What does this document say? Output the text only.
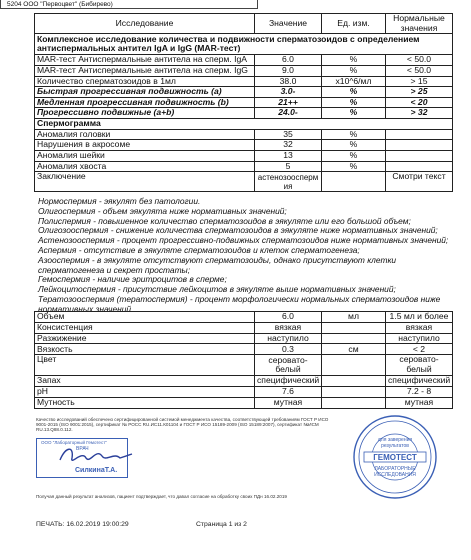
5204 ООО "Первоцвет" (Бибирево)
Исследование	Значение	Ед. изм.	Нормальные значения
Комплексное исследование количества и подвижности сперматозоидов с определением антиспермальных антител IgA и IgG (MAR-тест)			
MAR-тест Антиспермальные антитела на сперм. IgA	6.0	%	< 50.0
MAR-тест Антиспермальные антитела на сперм. IgG	9.0	%	< 50.0
Количество сперматозоидов в 1мл	38.0	x10^6/мл	> 15
Быстрая прогрессивная подвижность (а)	3.0-	%	> 25
Медленная прогрессивная подвижность (b)	21++	%	< 20
Прогрессивно подвижные (а+b)	24.0-	%	> 32
Спермограмма			
Аномалия головки	35	%	
Нарушения в акросоме	32	%	
Аномалия шейки	13	%	
Аномалия хвоста	5	%	
Заключение	астенозооспермия		Смотри текст
Нормоспермия - эякулят без патологии.
Олигоспермия - объем эякулята ниже нормативных значений;
Полиспермия - повышенное количество сперматозоидов в эякуляте или его большой объем;
Олигозооспермия - снижение количества сперматозоидов в эякуляте ниже нормативных значений;
Астенозооспермия - процент прогрессивно-подвижных сперматозоидов ниже нормативных значений;
Аспермия - отсутствие в эякуляте сперматозоидов и клеток сперматогенеза;
Азооспермия - в эякуляте отсутствуют сперматозоиды, однако присутствуют клетки сперматогенеза и секрет простаты;
Гемоспермия - наличие эритроцитов в сперме;
Лейкоцитоспермия - присутствие лейкоцитов в эякуляте выше нормативных значений;
Тератозооспермия (тератоспермия) - процент морфологически нормальных сперматозоидов ниже нормативных значений.
Объем	6.0	мл	1.5 мл и более
Консистенция	вязкая		вязкая
Разжижение	наступило		наступило
Вязкость	0.3	см	< 2
Цвет	серовато-белый		серовато-белый
Запах	специфический		специфический
pH	7.6		7.2 - 8
Мутность	мутная		мутная
Качество исследований обеспечено сертифицированной системой менеджмента качества, соответствующей требованиям ГОСТ Р ИСО 9001-2015 (ISO 9001:2015), сертификат № РОСС RU.ИС11.К01104 и ГОСТ Р ИСО 15189-2009 (ISO 15189:2007), сертификат №ИСМ RU.13.Q88.0.112.
ООО "Лабораторный Гемотест"
ВРАЧ
СилкинаТ.А.
для заверения
результатов
ГЕМОТЕСТ
ЛАБОРАТОРНЫЕ
ИССЛЕДОВАНИЯ
Получая данный результат анализов, пациент подтверждает, что давал согласие на обработку своих ПДн 16.02.2019
ПЕЧАТЬ: 16.02.2019 19:00:29	Страница 1 из 2
